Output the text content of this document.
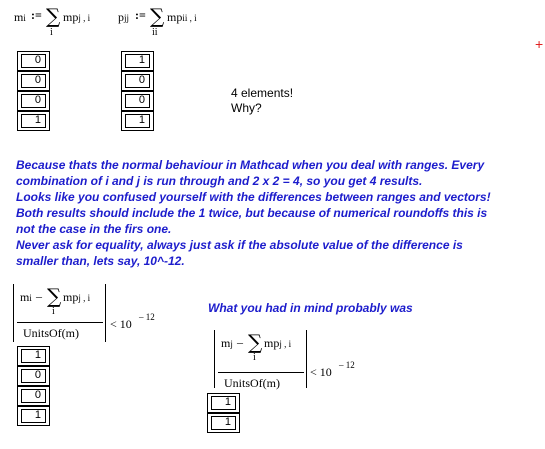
mi := ∑
i
mpj , i pjj := ∑
ii
mpii , i
+
0
0
0
1
1
0
0
1
4 elements!
Why?
Because thats the normal behaviour in Mathcad when you deal with ranges. Every
combination of i and j is run through and 2 x 2 = 4, so you get 4 results.
Looks like you confused yourself with the differences between ranges and vectors!
Both results should include the 1 twice, but because of numerical roundoffs this is
not the case in the firs one.
Never ask for equality, always just ask if the absolute value of the difference is
smaller than, lets say, 10^-12.
mi – ∑
i
mpj , i
UnitsOf(m)
< 10 – 12
1
0
0
1
What you had in mind probably was
mj – ∑
i
mpj , i
UnitsOf(m)
< 10 – 12
1
1
